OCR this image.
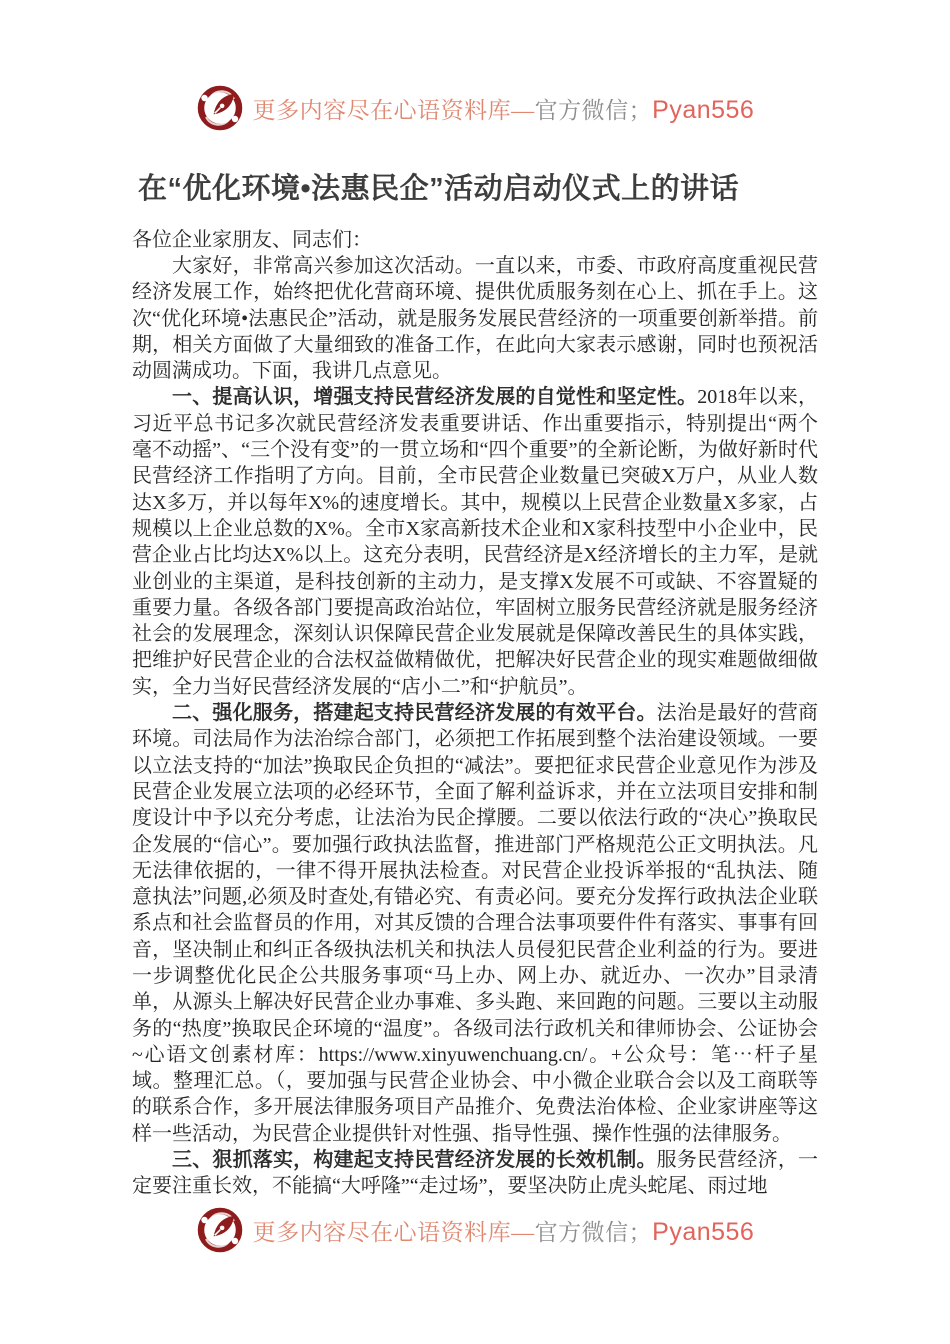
更多内容尽在心语资料库—官方微信；Pyan556
在“优化环境•法惠民企”活动启动仪式上的讲话

各位企业家朋友、同志们：

大家好，非常高兴参加这次活动。一直以来，市委、市政府高度重视民营经济发展工作，始终把优化营商环境、提供优质服务刻在心上、抓在手上。这次“优化环境•法惠民企”活动，就是服务发展民营经济的一项重要创新举措。前期，相关方面做了大量细致的准备工作，在此向大家表示感谢，同时也预祝活动圆满成功。下面，我讲几点意见。

一、提高认识，增强支持民营经济发展的自觉性和坚定性。2018年以来，习近平总书记多次就民营经济发表重要讲话、作出重要指示，特别提出“两个毫不动摇”、“三个没有变”的一贯立场和“四个重要”的全新论断，为做好新时代民营经济工作指明了方向。目前，全市民营企业数量已突破X万户，从业人数达X多万，并以每年X%的速度增长。其中，规模以上民营企业数量X多家，占规模以上企业总数的X%。全市X家高新技术企业和X家科技型中小企业中，民营企业占比均达X%以上。这充分表明，民营经济是X经济增长的主力军，是就业创业的主渠道，是科技创新的主动力，是支撑X发展不可或缺、不容置疑的重要力量。各级各部门要提高政治站位，牢固树立服务民营经济就是服务经济社会的发展理念，深刻认识保障民营企业发展就是保障改善民生的具体实践，把维护好民营企业的合法权益做精做优，把解决好民营企业的现实难题做细做实，全力当好民营经济发展的“店小二”和“护航员”。

二、强化服务，搭建起支持民营经济发展的有效平台。法治是最好的营商环境。司法局作为法治综合部门，必须把工作拓展到整个法治建设领域。一要以立法支持的“加法”换取民企负担的“减法”。要把征求民营企业意见作为涉及民营企业发展立法项的必经环节，全面了解利益诉求，并在立法项目安排和制度设计中予以充分考虑，让法治为民企撑腰。二要以依法行政的“决心”换取民企发展的“信心”。要加强行政执法监督，推进部门严格规范公正文明执法。凡无法律依据的，一律不得开展执法检查。对民营企业投诉举报的“乱执法、随意执法”问题,必须及时查处,有错必究、有责必问。要充分发挥行政执法企业联系点和社会监督员的作用，对其反馈的合理合法事项要件件有落实、事事有回音，坚决制止和纠正各级执法机关和执法人员侵犯民营企业利益的行为。要进一步调整优化民企公共服务事项“马上办、网上办、就近办、一次办”目录清单，从源头上解决好民营企业办事难、多头跑、来回跑的问题。三要以主动服务的“热度”换取民企环境的“温度”。各级司法行政机关和律师协会、公证协会~心语文创素材库：https://www.xinyuwenchuang.cn/。+公众号：笔⋯杆子星域。整理汇总。（，要加强与民营企业协会、中小微企业联合会以及工商联等的联系合作，多开展法律服务项目产品推介、免费法治体检、企业家讲座等这样一些活动，为民营企业提供针对性强、指导性强、操作性强的法律服务。

三、狠抓落实，构建起支持民营经济发展的长效机制。服务民营经济，一定要注重长效，不能搞“大呼隆”“走过场”，要坚决防止虎头蛇尾、雨过地

更多内容尽在心语资料库—官方微信；Pyan556
